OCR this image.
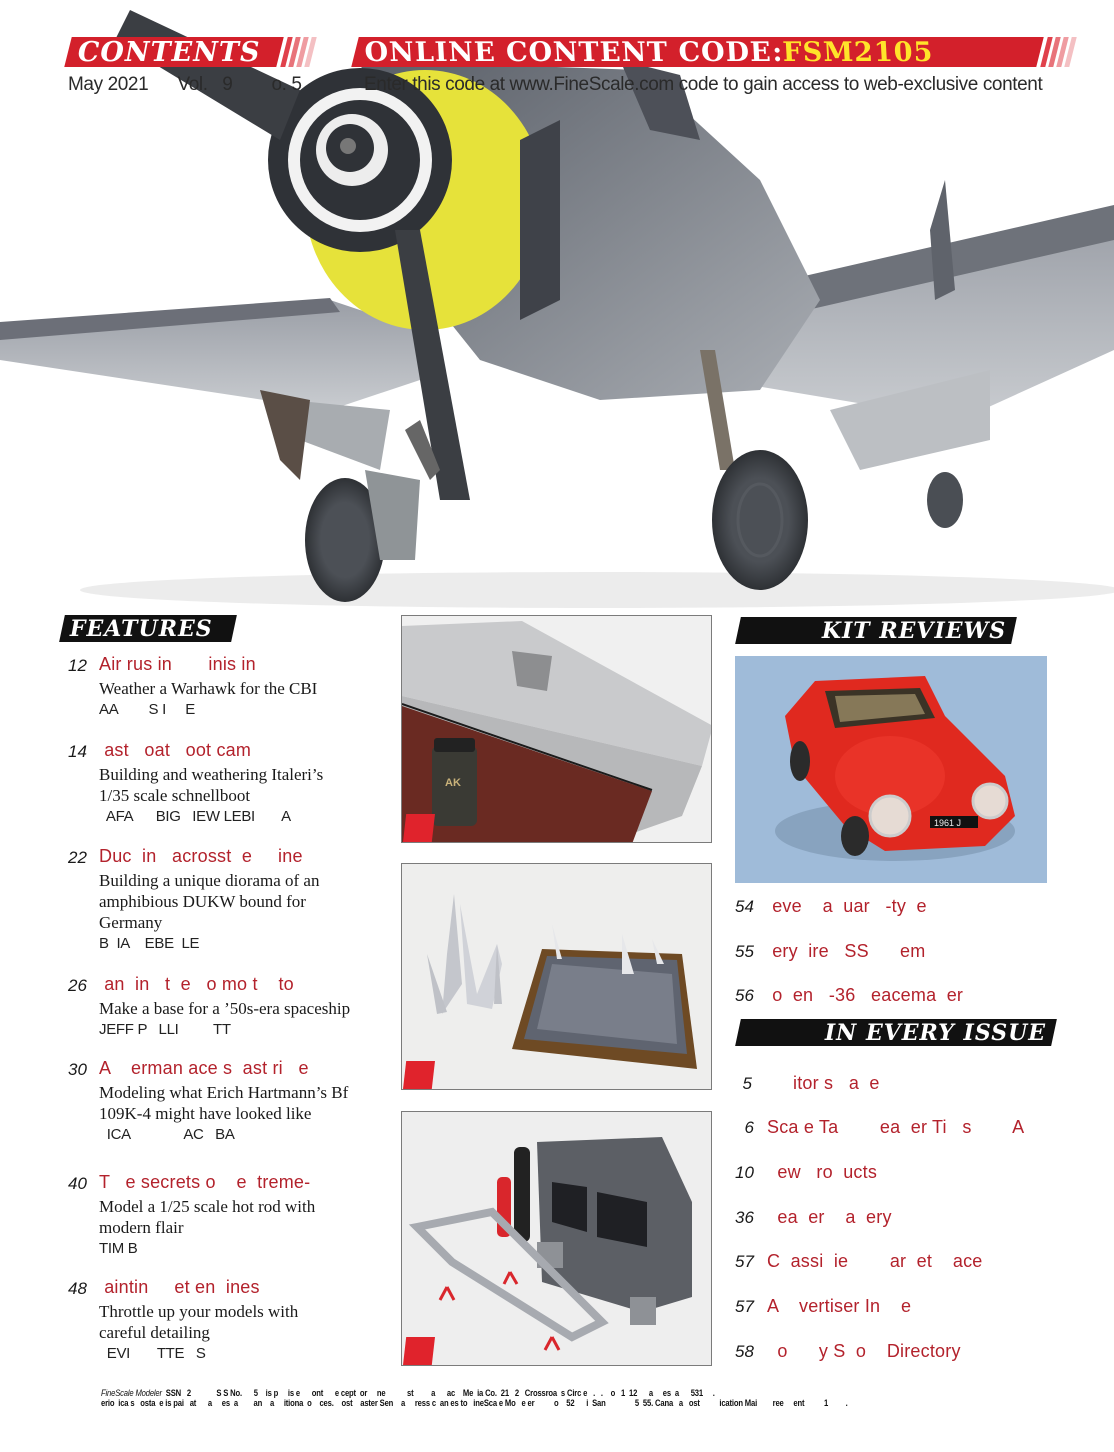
CONTENTS	ONLINE CONTENT CODE:FSM2105
May 2021      Vol.   9        o. 5	Enter this code at www.FineScale.com code to gain access to web-exclusive content
FEATURES
12 Air rus in       inis in
Weather a Warhawk for the CBI
AA        S I     E
14 ast   oat   oot cam
Building and weathering Italeri’s 1/35 scale schnellboot
AFA      BIG   IEW LEBI       A
22 Duc  in   acrosst  e     ine
Building a unique diorama of an amphibious DUKW bound for Germany
B  IA    EBE  LE
26 an  in   t  e   o mo t    to
Make a base for a ’50s-era spaceship
JEFF P   LLI         TT
30 A    erman ace s  ast ri   e
Modeling what Erich Hartmann’s Bf 109K-4 might have looked like
ICA              AC   BA
40 T   e secrets o    e  treme-
Model a 1/25 scale hot rod with modern flair
TIM B
48 aintin     et en  ines
Throttle up your models with careful detailing
EVI       TTE   S
AK
KIT REVIEWS
1961 J
54 eve    a  uar   -ty  e
55 ery  ire   SS      em
56 o  en   -36   eacema  er
IN EVERY ISSUE
5 itor s   a  e
6 Sca e Ta        ea  er Ti   s        A
10 ew   ro  ucts
36 ea  er    a  ery
57 C  assi  ie        ar  et    ace
57 A    vertiser In    e
58 o      y S  o    Directory
FineScale Modeler  SSN   2             S S No.      5    is p     is e      ont      e cept  or     ne           st         a      ac    Me  ia Co.  21   2   Crossroa  s Circ e   .   .    o   1  12      a     es  a      531     .
erio  ica s   osta  e is pai   at      a     es  a        an    a     itiona  o    ces.    ost    aster Sen    a     ress c  an es to   ineSca e Mo   e er          o    52      i  San               5  55. Cana   a   ost          ication Mai        ree     ent          1         .
